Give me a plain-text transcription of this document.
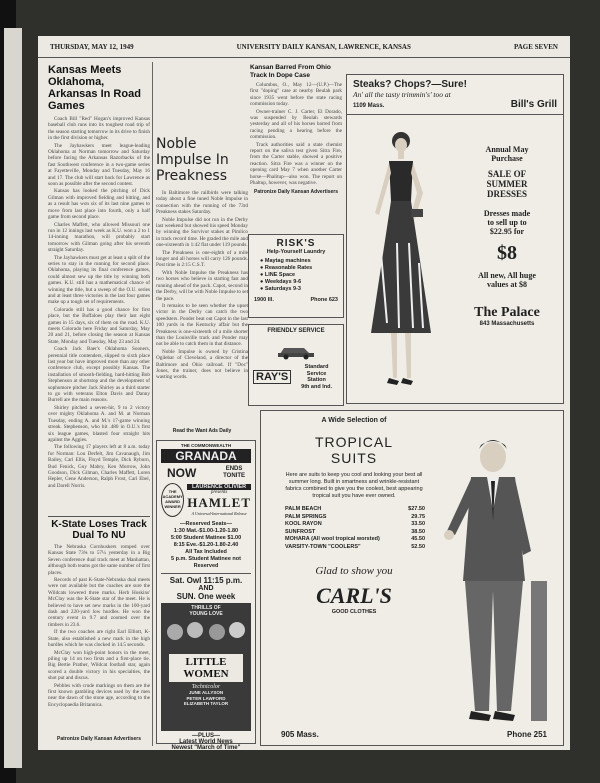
THURSDAY, MAY 12, 1949	UNIVERSITY DAILY KANSAN, LAWRENCE, KANSAS	PAGE SEVEN
Kansas Meets Oklahoma, Arkansas In Road Games

Coach Bill "Red" Hogan's improved Kansas baseball club runs into its toughest road trip of the season starting tomorrow in its drive to finish in the first division or higher.

The Jayhawkers meet league-leading Oklahoma at Norman tomorrow and Saturday before facing the Arkansas Razorbacks of the fast Southwest conference in a two-game series at Fayetteville, Monday and Tuesday, May 16 and 17. The club will start back for Lawrence as soon as possible after the second contest.

Kansas has looked the pitching of Dick Gilman with improved fielding and hitting, and as a result has won six of its last nine games to move from last place into fourth, only a half game from second place.

Charles Maffett, who allowed Missouri one run in 12 innings last week as K.U. won a 2 to 1 14-inning marathon, will probably start tomorrow with Gilman going after his seventh straight Saturday.

The Jayhawkers must get at least a split of the series to stay in the running for second place. Oklahoma, playing its final conference games, could almost sew up the title by winning both games. K.U. still has a mathematical chance of winning the title, but a sweep of the O.U. series and at least three victories in the last four games make up a tough set of requirements.

Colorado still has a good chance for first place, but the Buffaloes play their last eight games in 15 days, six of them on the road. K.U. meets Colorado here Friday and Saturday, May 20 and 21, before closing the season at Kansas State, Monday and Tuesday, May 23 and 24.

Coach Jack Baer's Oklahoma Sooners, perennial title contenders, slipped to sixth place last year but have improved more than any other conference club, except possibly Kansas. The installation of smooth-fielding, hard-hitting Bob Stephenson at shortstop and the development of sophomore pitcher Jack Shirley as a third starter to go with veterans Elton Davis and Danny Burrell are the main reasons.

Shirley pitched a seven-hit, 9 to 2 victory over mighty Oklahoma A. and M. at Norman Tuesday, ending A. and M.'s 17-game winning streak. Stephenson, who hit .480 in O.U.'s first six league games, blasted four straight hits against the Aggies.

The following 17 players left at 8 a.m. today for Norman: Lou Derfelt, Jim Cavanaugh, Jim Bailey, Carl Ellis, Floyd Temple, Dick Ryburn, Bud Fenick, Guy Mabry, Ken Morrow, John Goodson, Dick Gilman, Charles Maffett, Loren Hepler, Gene Anderson, Ralph Frost, Carl Ebel, and Darell Norris.

K-State Loses Track Dual To NU

The Nebraska Cornhuskers romped over Kansas State 73¾ to 57¼ yesterday in a Big Seven conference dual track meet at Manhattan, although both teams got the same number of first places.

Records of past K-State-Nebraska dual meets were not available but the coaches are sure the Wildcats lowered three marks. Herb Hoskins' McClay was the K-State star of the meet. He is believed to have set new marks in the 100-yard dash and 220-yard low hurdles. He won the century event in 9.7 and zoomed over the timbers in 23.6.

If the two coaches are right Earl Elliott, K-State, also established a new mark in the high hurdles which he was clocked in 14.5 seconds.

McClay won high-point honors in the meet, piling up 14 on two firsts and a first-place tie. Big Bertie Prather, Wildcat football star, again scored a double victory in his specialties, the shot put and discus.

Pebbles with crude markings on them are the first known gambling devices used by the men near the dawn of the stone age, according to the Encyclopaedia Britannica.

Patronize Daily Kansan Advertisers
Noble Impulse In Preakness

In Baltimore the railbirds were talking today about a fine tuned Noble Impulse in connection with the running of the 73rd Preakness stakes Saturday.

Noble Impulse did not run in the Derby last weekend but showed his speed Monday by winning the Survivor stakes at Pimlico in track record time. He graded the mile and one-sixteenth in 1:42 flat under 119 pounds.

The Preakness is one-eighth of a mile longer and all horses will carry 126 pounds. Post time is 2:15 C.S.T.

With Noble Impulse the Preakness has two horses who believe in starting fast and running ahead of the pack. Capot, second in the Derby, will be with Noble Impulse to set the pace.

It remains to be seen whether the upset victor in the Derby can catch the two speedsters. Ponder beat out Capot in the last 100 yards in the Kentucky affair but the Preakness is one-sixteenth of a mile shorter than the Louisville track and Ponder may not be able to catch them in that distance.

Noble Impulse is owned by Cristina Ogilebar of Cleveland, a director of the Baltimore and Ohio railroad. If "Doc" Jones, the trainer, does not believe in wasting words.

Read the Want Ads Daily
Kansan Barred From Ohio Track In Dope Case

Columbus, O., May 12—(U.P.)—The first "doping" case at nearby Beulah park since 1935 went before the state racing commission today.

Owner-trainer C. J. Carter, El Dorado, was suspended by Beulah stewards yesterday and all of his horses barred from racing pending a hearing before the commission.

Track authorities said a state chemist report on the saliva test given Sitra Fire, from the Carter stable, showed a positive reaction. Sitra Fire was a winner on the opening card May 7 when another Carter horse—Phalitup—also won. The report on Phaltup, however, was negative.

Patronize Daily Kansan Advertisers
RISK'S
Help-Yourself Laundry
● Maytag machines
● Reasonable Rates
● LINE Space
● Weekdays 9-6
● Saturdays 9-3
1900 Ill.	Phone 623
FRIENDLY SERVICE
RAY'S
Standard Service
Station
9th and Ind.
Steaks? Chops?—Sure!
An' all the tasty trimmin's' too at
1109 Mass.	Bill's Grill
Annual May
Purchase
SALE OF
SUMMER
DRESSES
Dresses made
to sell up to
$22.95 for
$8
All new, All huge
values at $8
The Palace
843 Massachusetts
THE COMMONWEALTH
GRANADA
NOW	ENDS
TONITE
THE
ACADEMY
AWARD
WINNER
LAURENCE OLIVIER
presents
HAMLET
A Universal-International Release
—Reserved Seats—
1:30 Mat.-$1.00-1.20-1.80
5:00 Student Matinee $1.00
8:15 Eve.-$1.20-1.80-2.40
All Tax Included
5 p.m. Student Matinee not Reserved
Sat. Owl 11:15 p.m.
AND
SUN. One week
THRILLS OF
YOUNG LOVE
LITTLE
WOMEN
Technicolor
JUNE ALLYSON
PETER LAWFORD
ELIZABETH TAYLOR
—PLUS—
Latest World News
Newest "March of Time"
A Wide Selection of
TROPICAL
SUITS
Here are suits to keep you cool and looking your best all summer long. Built in smartness and wrinkle-resistant fabrics combined to give you the coolest, best appearing tropical suit you have ever owned.
PALM BEACH	$27.50
PALM SPRINGS	29.75
KOOL RAYON	33.50
SUNFROST	38.50
MOHARA (All wool tropical worsted)	45.50
VARSITY-TOWN "COOLERS"	52.50
Glad to show you
CARL'S
GOOD CLOTHES
905 Mass.	Phone 251
